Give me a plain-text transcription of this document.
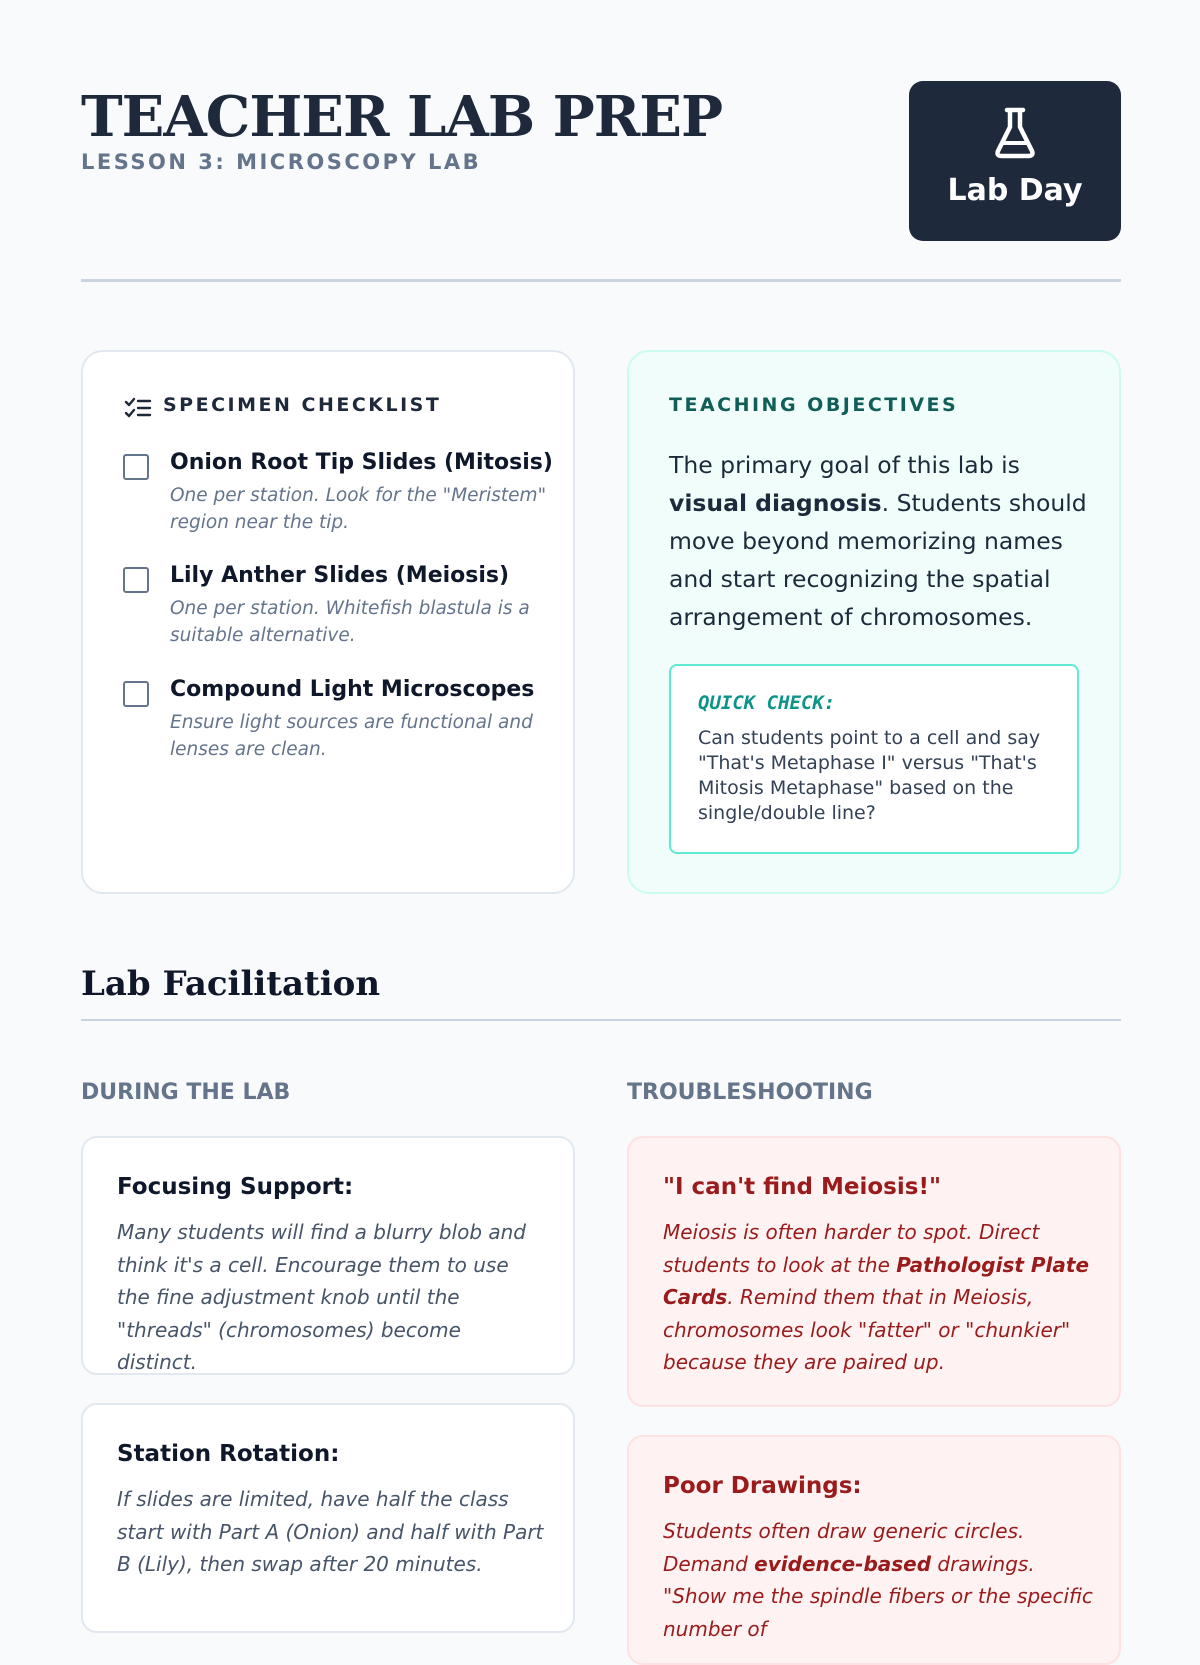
TEACHER LAB PREP
LESSON 3: MICROSCOPY LAB
Lab Day
SPECIMEN CHECKLIST
Onion Root Tip Slides (Mitosis)
One per station. Look for the "Meristem" region near the tip.
Lily Anther Slides (Meiosis)
One per station. Whitefish blastula is a suitable alternative.
Compound Light Microscopes
Ensure light sources are functional and lenses are clean.
TEACHING OBJECTIVES
The primary goal of this lab is visual diagnosis. Students should move beyond memorizing names and start recognizing the spatial arrangement of chromosomes.
QUICK CHECK:
Can students point to a cell and say "That's Metaphase I" versus "That's Mitosis Metaphase" based on the single/double line?
Lab Facilitation
DURING THE LAB	TROUBLESHOOTING
Focusing Support:
Many students will find a blurry blob and think it's a cell. Encourage them to use the fine adjustment knob until the "threads" (chromosomes) become distinct.
Station Rotation:
If slides are limited, have half the class start with Part A (Onion) and half with Part B (Lily), then swap after 20 minutes.
"I can't find Meiosis!"
Meiosis is often harder to spot. Direct students to look at the Pathologist Plate Cards. Remind them that in Meiosis, chromosomes look "fatter" or "chunkier" because they are paired up.
Poor Drawings:
Students often draw generic circles. Demand evidence-based drawings. "Show me the spindle fibers or the specific number of
